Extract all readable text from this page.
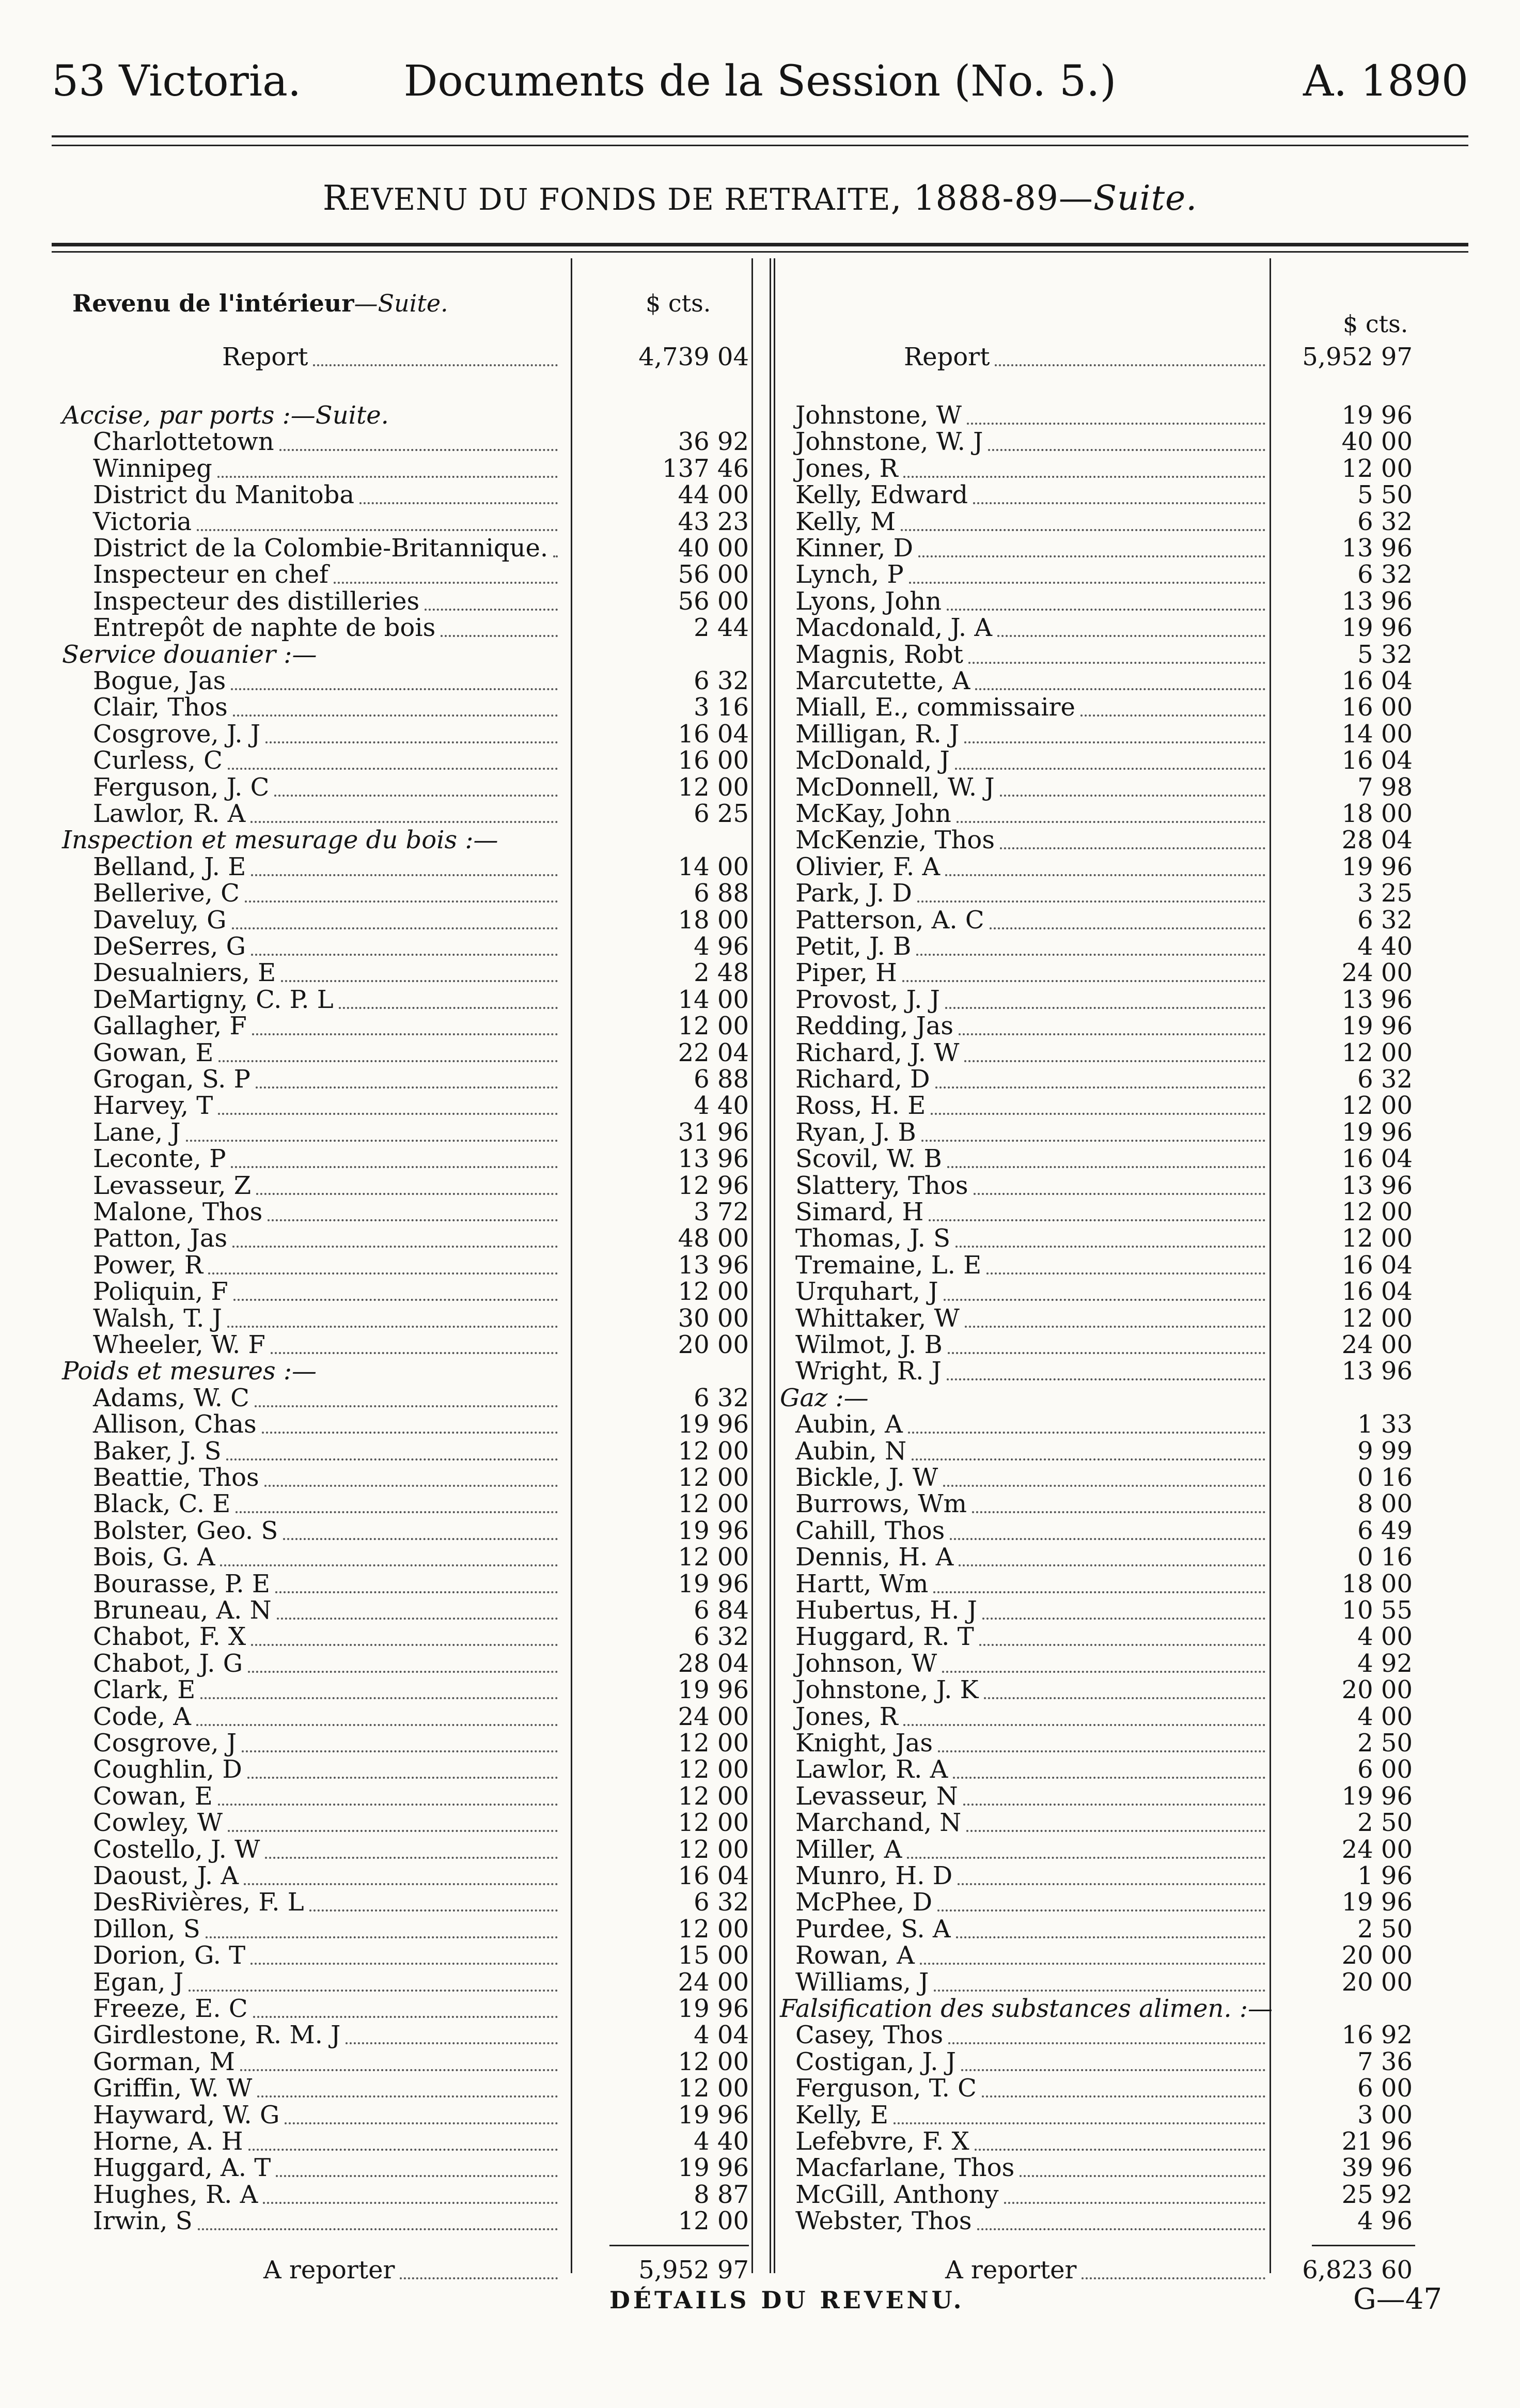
53 Victoria.	Documents de la Session (No. 5.)	A. 1890
REVENU DU FONDS DE RETRAITE, 1888-89—Suite.
Revenu de l'intérieur—Suite.	$ cts.
$ cts.
Report	4,739 04	Report	5,952 97
Accise, par ports :—Suite.
Charlottetown	36 92
Winnipeg	137 46
District du Manitoba	44 00
Victoria	43 23
District de la Colombie-Britannique.	40 00
Inspecteur en chef	56 00
Inspecteur des distilleries	56 00
Entrepôt de naphte de bois	2 44
Service douanier :—
Bogue, Jas	6 32
Clair, Thos	3 16
Cosgrove, J. J	16 04
Curless, C	16 00
Ferguson, J. C	12 00
Lawlor, R. A	6 25
Inspection et mesurage du bois :—
Belland, J. E	14 00
Bellerive, C	6 88
Daveluy, G	18 00
DeSerres, G	4 96
Desualniers, E	2 48
DeMartigny, C. P. L	14 00
Gallagher, F	12 00
Gowan, E	22 04
Grogan, S. P	6 88
Harvey, T	4 40
Lane, J	31 96
Leconte, P	13 96
Levasseur, Z	12 96
Malone, Thos	3 72
Patton, Jas	48 00
Power, R	13 96
Poliquin, F	12 00
Walsh, T. J	30 00
Wheeler, W. F	20 00
Poids et mesures :—
Adams, W. C	6 32
Allison, Chas	19 96
Baker, J. S	12 00
Beattie, Thos	12 00
Black, C. E	12 00
Bolster, Geo. S	19 96
Bois, G. A	12 00
Bourasse, P. E	19 96
Bruneau, A. N	6 84
Chabot, F. X	6 32
Chabot, J. G	28 04
Clark, E	19 96
Code, A	24 00
Cosgrove, J	12 00
Coughlin, D	12 00
Cowan, E	12 00
Cowley, W	12 00
Costello, J. W	12 00
Daoust, J. A	16 04
DesRivières, F. L	6 32
Dillon, S	12 00
Dorion, G. T	15 00
Egan, J	24 00
Freeze, E. C	19 96
Girdlestone, R. M. J	4 04
Gorman, M	12 00
Griffin, W. W	12 00
Hayward, W. G	19 96
Horne, A. H	4 40
Huggard, A. T	19 96
Hughes, R. A	8 87
Irwin, S	12 00
Johnstone, W	19 96
Johnstone, W. J	40 00
Jones, R	12 00
Kelly, Edward	5 50
Kelly, M	6 32
Kinner, D	13 96
Lynch, P	6 32
Lyons, John	13 96
Macdonald, J. A	19 96
Magnis, Robt	5 32
Marcutette, A	16 04
Miall, E., commissaire	16 00
Milligan, R. J	14 00
McDonald, J	16 04
McDonnell, W. J	7 98
McKay, John	18 00
McKenzie, Thos	28 04
Olivier, F. A	19 96
Park, J. D	3 25
Patterson, A. C	6 32
Petit, J. B	4 40
Piper, H	24 00
Provost, J. J	13 96
Redding, Jas	19 96
Richard, J. W	12 00
Richard, D	6 32
Ross, H. E	12 00
Ryan, J. B	19 96
Scovil, W. B	16 04
Slattery, Thos	13 96
Simard, H	12 00
Thomas, J. S	12 00
Tremaine, L. E	16 04
Urquhart, J	16 04
Whittaker, W	12 00
Wilmot, J. B	24 00
Wright, R. J	13 96
Gaz :—
Aubin, A	1 33
Aubin, N	9 99
Bickle, J. W	0 16
Burrows, Wm	8 00
Cahill, Thos	6 49
Dennis, H. A	0 16
Hartt, Wm	18 00
Hubertus, H. J	10 55
Huggard, R. T	4 00
Johnson, W	4 92
Johnstone, J. K	20 00
Jones, R	4 00
Knight, Jas	2 50
Lawlor, R. A	6 00
Levasseur, N	19 96
Marchand, N	2 50
Miller, A	24 00
Munro, H. D	1 96
McPhee, D	19 96
Purdee, S. A	2 50
Rowan, A	20 00
Williams, J	20 00
Falsification des substances alimen. :—
Casey, Thos	16 92
Costigan, J. J	7 36
Ferguson, T. C	6 00
Kelly, E	3 00
Lefebvre, F. X	21 96
Macfarlane, Thos	39 96
McGill, Anthony	25 92
Webster, Thos	4 96
A reporter	5,952 97	A reporter	6,823 60
DÉTAILS DU REVENU.	G—47
